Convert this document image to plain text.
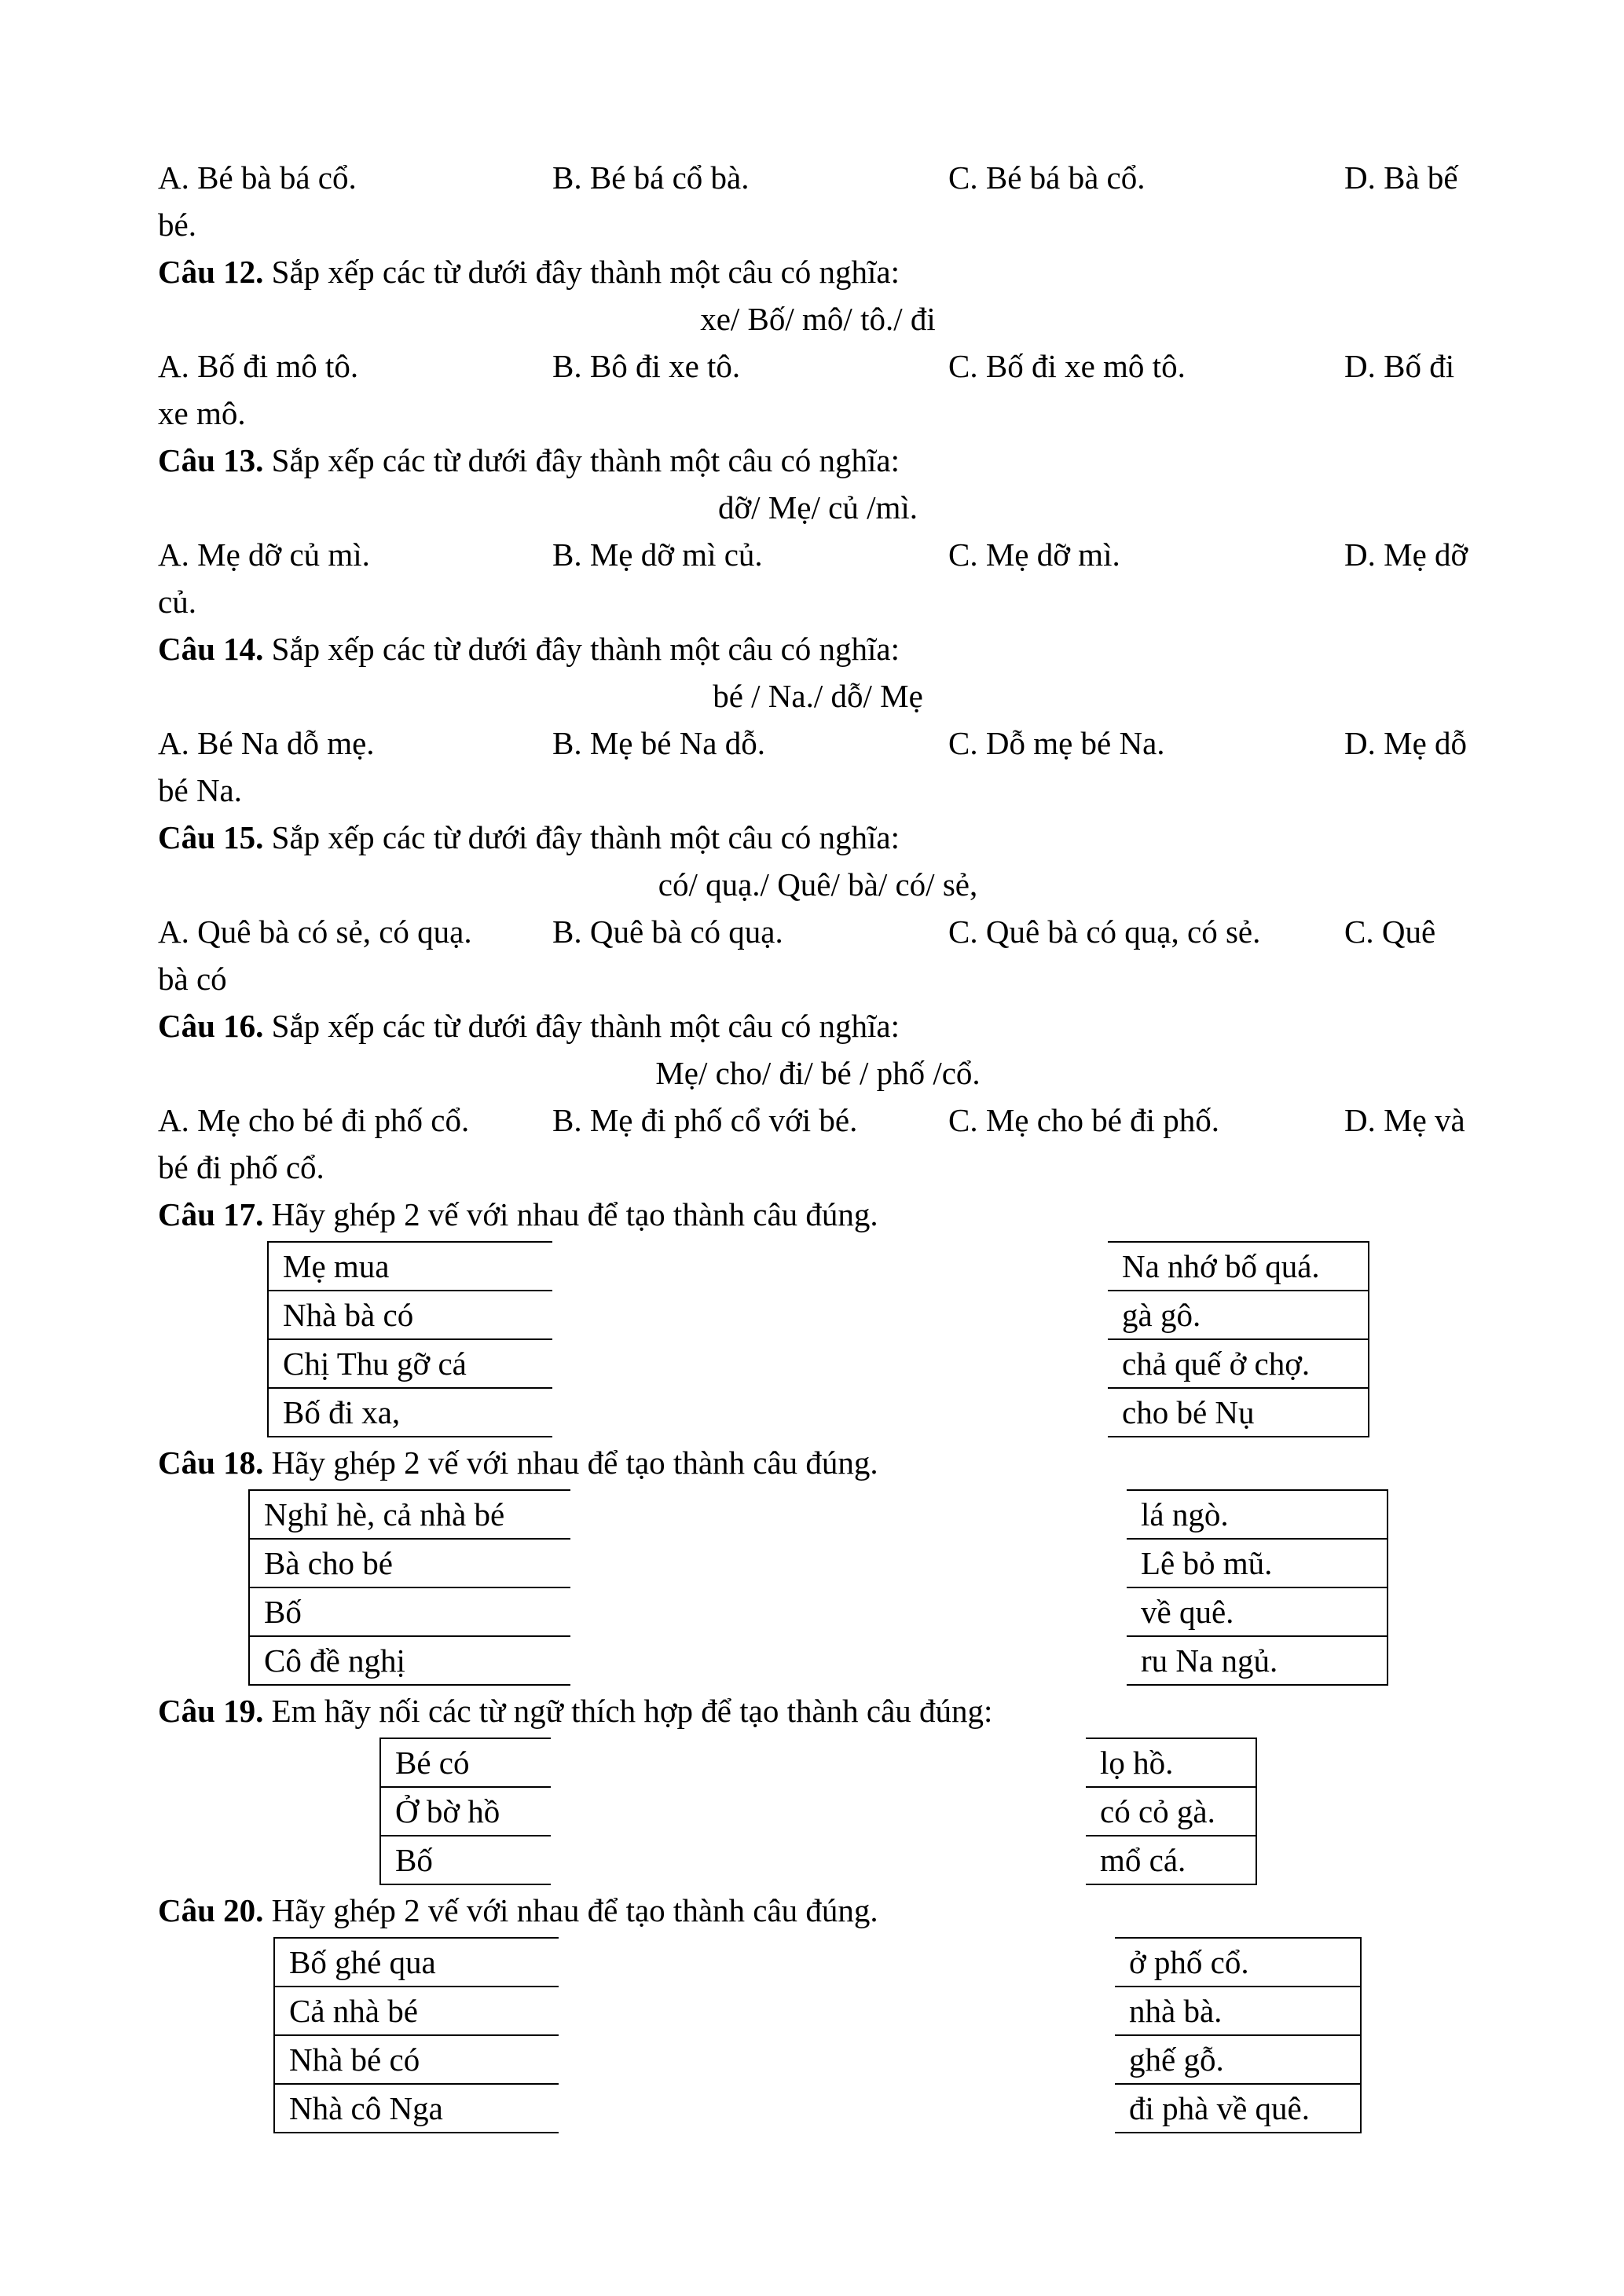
A. Bé bà bá cổ.	B. Bé bá cổ bà.	C. Bé bá bà cổ.	D. Bà bế
bé.
Câu 12. Sắp xếp các từ dưới đây thành một câu có nghĩa:
xe/ Bố/ mô/ tô./ đi
A. Bố đi mô tô.	B. Bô đi xe tô.	C. Bố đi xe mô tô.	D. Bố đi
xe mô.
Câu 13. Sắp xếp các từ dưới đây thành một câu có nghĩa:
dỡ/ Mẹ/ củ /mì.
A. Mẹ dỡ củ mì.	B. Mẹ dỡ mì củ.	C. Mẹ dỡ mì.	D. Mẹ dỡ
củ.
Câu 14. Sắp xếp các từ dưới đây thành một câu có nghĩa:
bé / Na./ dỗ/ Mẹ
A. Bé Na dỗ mẹ.	B. Mẹ bé Na dỗ.	C. Dỗ mẹ bé Na.	D. Mẹ dỗ
bé Na.
Câu 15. Sắp xếp các từ dưới đây thành một câu có nghĩa:
có/ quạ./ Quê/ bà/ có/ sẻ,
A. Quê bà có sẻ, có quạ. B. Quê bà có quạ.	C. Quê bà có quạ, có sẻ.	C. Quê
bà có
Câu 16. Sắp xếp các từ dưới đây thành một câu có nghĩa:
Mẹ/ cho/ đi/ bé / phố /cổ.
A. Mẹ cho bé đi phố cổ.	B. Mẹ đi phố cổ với bé.	C. Mẹ cho bé đi phố.	D. Mẹ và
bé đi phố cổ.
Câu 17. Hãy ghép 2 vế với nhau để tạo thành câu đúng.
Mẹ mua
Nhà bà có
Chị Thu gỡ cá
Bố đi xa,
Na nhớ bố quá.
gà gô.
chả quế ở chợ.
cho bé Nụ
Câu 18. Hãy ghép 2 vế với nhau để tạo thành câu đúng.
Nghỉ hè, cả nhà bé
Bà cho bé
Bố
Cô đề nghị
lá ngò.
Lê bỏ mũ.
về quê.
ru Na ngủ.
Câu 19. Em hãy nối các từ ngữ thích hợp để tạo thành câu đúng:
Bé có
Ở bờ hồ
Bố
lọ hồ.
có cỏ gà.
mổ cá.
Câu 20. Hãy ghép 2 vế với nhau để tạo thành câu đúng.
Bố ghé qua
Cả nhà bé
Nhà bé có
Nhà cô Nga
ở phố cổ.
nhà bà.
ghế gỗ.
đi phà về quê.
